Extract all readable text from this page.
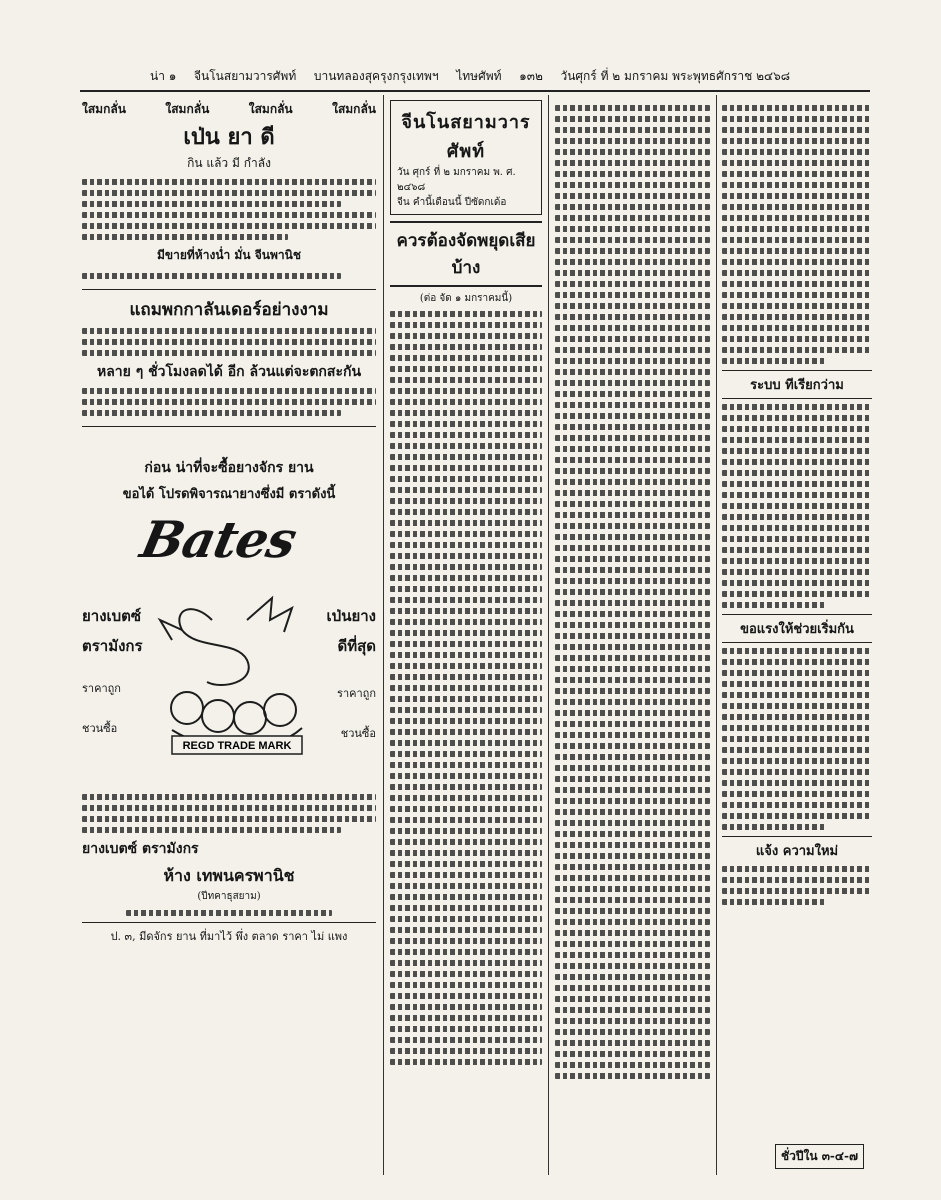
น่า ๑ จีนโนสยามวารศัพท์ บานทลองสุครุงกรุงเทพฯ ไทษศัพท์ ๑๓๒ วันศุกร์ ที่ ๒ มกราคม พระพุทธศักราช ๒๔๖๘
ใสมกลั่น	ใสมกลั่น	ใสมกลั่น	ใสมกลั่น
เป่น ยา ดี
กิน แล้ว มี กำลัง
มีขายที่ห้างน่ำ มั่น จีนพานิช
แถมพกกาลันเดอร์อย่างงาม
หลาย ๆ ชั่วโมงลดได้ อีก ล้วนแต่จะตกสะกัน
ก่อน น่าที่จะซื้อยางจักร ยาน
ขอได้ โปรดพิจารณายางซึ่งมี ตราดังนี้
Bates
ยางเบตซ์
ตรามังกร
เป่นยาง
ดีที่สุด
ราคาถูก
ชวนซื้อ
ราคาถูก
ชวนซื้อ
REGD TRADE MARK
ยางเบตซ์ ตรามังกร
ห้าง เทพนครพานิช
(ปีทคาธุสยาม)
ป. ๓, มีดจักร ยาน ที่มาไว้ พึ่ง ตลาด ราคา ไม่ แพง
จีนโนสยามวารศัพท์
วัน ศุกร์ ที่ ๒ มกราคม พ. ศ. ๒๔๖๘
จีน คำนี้เดือนนี้ ปีซัดกเด้อ
ควรต้องจัดพยุดเสียบ้าง
(ต่อ จัด ๑ มกราคมนี้)
ระบบ ทีเรียกว่าม
ขอแรงให้ช่วยเริ่มกัน
แจ้ง ความใหม่
ชั่วปีใน ๓-๔-๗
